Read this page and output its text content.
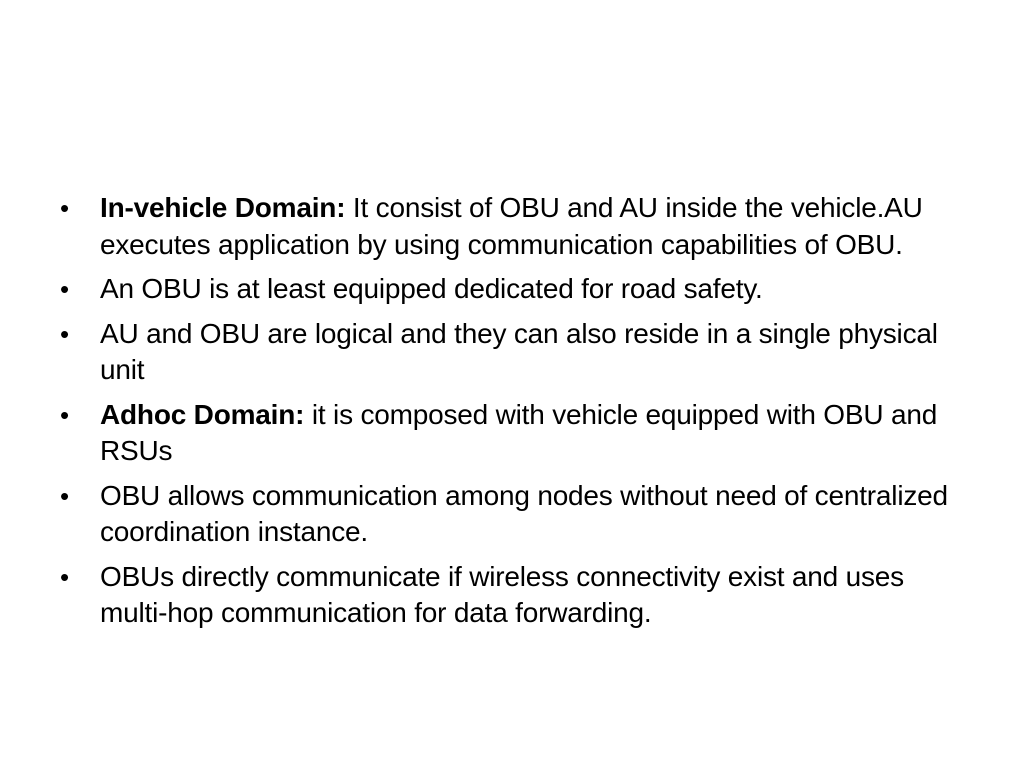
• In-vehicle Domain: It consist of OBU and AU inside the vehicle.AU executes application by using communication capabilities of OBU.
• An OBU is at least equipped dedicated for road safety.
• AU and OBU are logical and they can also reside in a single physical unit
• Adhoc Domain: it is composed with vehicle equipped with OBU and RSUs
• OBU allows communication among nodes without need of centralized coordination instance.
• OBUs directly communicate if wireless connectivity exist and uses multi-hop communication for data forwarding.
